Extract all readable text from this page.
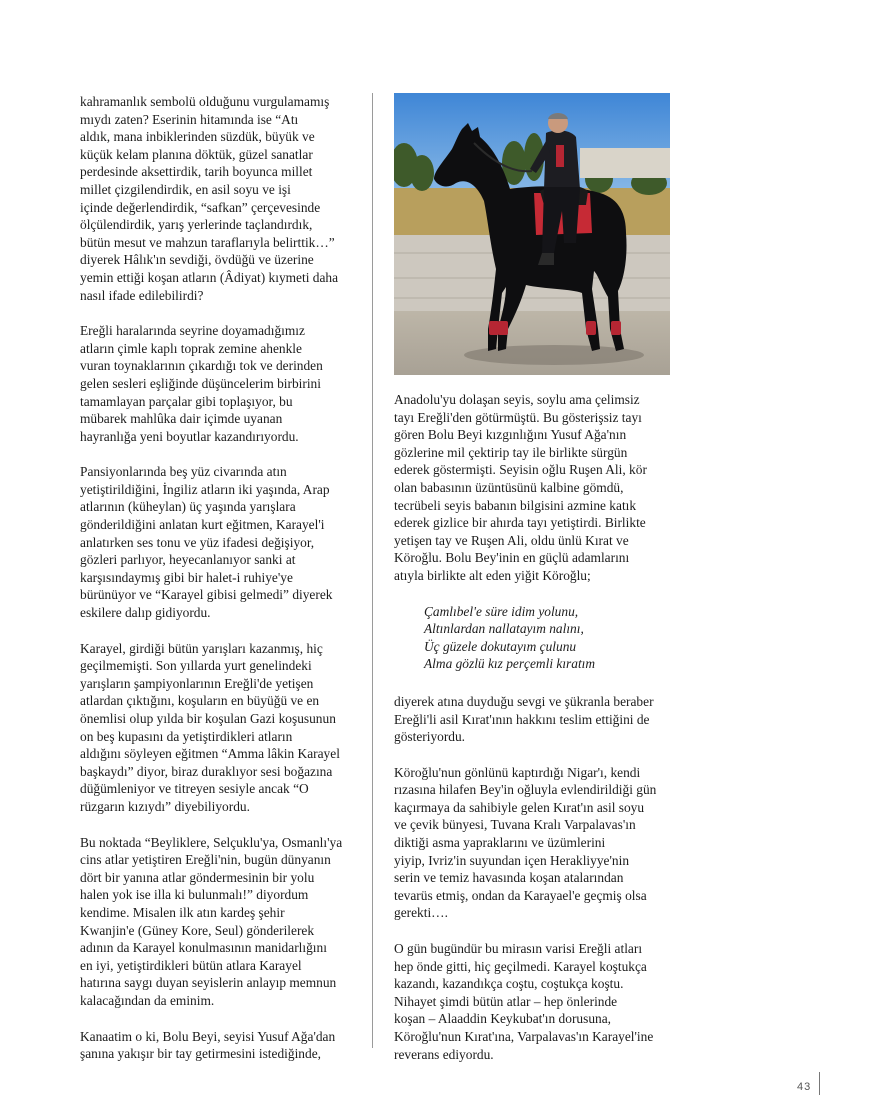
kahramanlık sembolü olduğunu vurgulamamış
mıydı zaten? Eserinin hitamında ise “Atı
aldık, mana inbiklerinden süzdük, büyük ve
küçük kelam planına döktük, güzel sanatlar
perdesinde aksettirdik, tarih boyunca millet
millet çizgilendirdik, en asil soyu ve işi
içinde değerlendirdik, “safkan” çerçevesinde
ölçülendirdik, yarış yerlerinde taçlandırdık,
bütün mesut ve mahzun taraflarıyla belirttik…”
diyerek Hâlık'ın sevdiği, övdüğü ve üzerine
yemin ettiği koşan atların (Âdiyat) kıymeti daha
nasıl ifade edilebilirdi?

Ereğli haralarında seyrine doyamadığımız
atların çimle kaplı toprak zemine ahenkle
vuran toynaklarının çıkardığı tok ve derinden
gelen sesleri eşliğinde düşüncelerim birbirini
tamamlayan parçalar gibi toplaşıyor, bu
mübarek mahlûka dair içimde uyanan
hayranlığa yeni boyutlar kazandırıyordu.

Pansiyonlarında beş yüz civarında atın
yetiştirildiğini, İngiliz atların iki yaşında, Arap
atlarının (küheylan) üç yaşında yarışlara
gönderildiğini anlatan kurt eğitmen, Karayel'i
anlatırken ses tonu ve yüz ifadesi değişiyor,
gözleri parlıyor, heyecanlanıyor sanki at
karşısındaymış gibi bir halet-i ruhiye'ye
bürünüyor ve “Karayel gibisi gelmedi” diyerek
eskilere dalıp gidiyordu.

Karayel, girdiği bütün yarışları kazanmış, hiç
geçilmemişti. Son yıllarda yurt genelindeki
yarışların şampiyonlarının Ereğli'de yetişen
atlardan çıktığını, koşuların en büyüğü ve en
önemlisi olup yılda bir koşulan Gazi koşusunun
on beş kupasını da yetiştirdikleri atların
aldığını söyleyen eğitmen “Amma lâkin Karayel
başkaydı” diyor, biraz duraklıyor sesi boğazına
düğümleniyor ve titreyen sesiyle ancak “O
rüzgarın kızıydı” diyebiliyordu.

Bu noktada “Beyliklere, Selçuklu'ya, Osmanlı'ya
cins atlar yetiştiren Ereğli'nin, bugün dünyanın
dört bir yanına atlar göndermesinin bir yolu
halen yok ise illa ki bulunmalı!” diyordum
kendime. Misalen ilk atın kardeş şehir
Kwanjin'e (Güney Kore, Seul) gönderilerek
adının da Karayel konulmasının manidarlığını
en iyi, yetiştirdikleri bütün atlara Karayel
hatırına saygı duyan seyislerin anlayıp memnun
kalacağından da eminim.

Kanaatim o ki, Bolu Beyi, seyisi Yusuf Ağa'dan
şanına yakışır bir tay getirmesini istediğinde,

Anadolu'yu dolaşan seyis, soylu ama çelimsiz
tayı Ereğli'den götürmüştü. Bu gösterişsiz tayı
gören Bolu Beyi kızgınlığını Yusuf Ağa'nın
gözlerine mil çektirip tay ile birlikte sürgün
ederek göstermişti. Seyisin oğlu Ruşen Ali, kör
olan babasının üzüntüsünü kalbine gömdü,
tecrübeli seyis babanın bilgisini azmine katık
ederek gizlice bir ahırda tayı yetiştirdi. Birlikte
yetişen tay ve Ruşen Ali, oldu ünlü Kırat ve
Köroğlu. Bolu Bey'inin en güçlü adamlarını
atıyla birlikte alt eden yiğit Köroğlu;

Çamlıbel'e süre idim yolunu,
Altınlardan nallatayım nalını,
Üç güzele dokutayım çulunu
Alma gözlü kız perçemli kıratım

diyerek atına duyduğu sevgi ve şükranla beraber
Ereğli'li asil Kırat'ının hakkını teslim ettiğini de
gösteriyordu.

Köroğlu'nun gönlünü kaptırdığı Nigar'ı, kendi
rızasına hilafen Bey'in oğluyla evlendirildiği gün
kaçırmaya da sahibiyle gelen Kırat'ın asil soyu
ve çevik bünyesi, Tuvana Kralı Varpalavas'ın
diktiği asma yapraklarını ve üzümlerini
yiyip, Ivriz'in suyundan içen Herakliyye'nin
serin ve temiz havasında koşan atalarından
tevarüs etmiş, ondan da Karayael'e geçmiş olsa
gerekti….

O gün bugündür bu mirasın varisi Ereğli atları
hep önde gitti, hiç geçilmedi. Karayel koştukça
kazandı, kazandıkça coştu, coştukça koştu.
Nihayet şimdi bütün atlar – hep önlerinde
koşan – Alaaddin Keykubat'ın dorusuna,
Köroğlu'nun Kırat'ına, Varpalavas'ın Karayel'ine
reverans ediyordu.

43
